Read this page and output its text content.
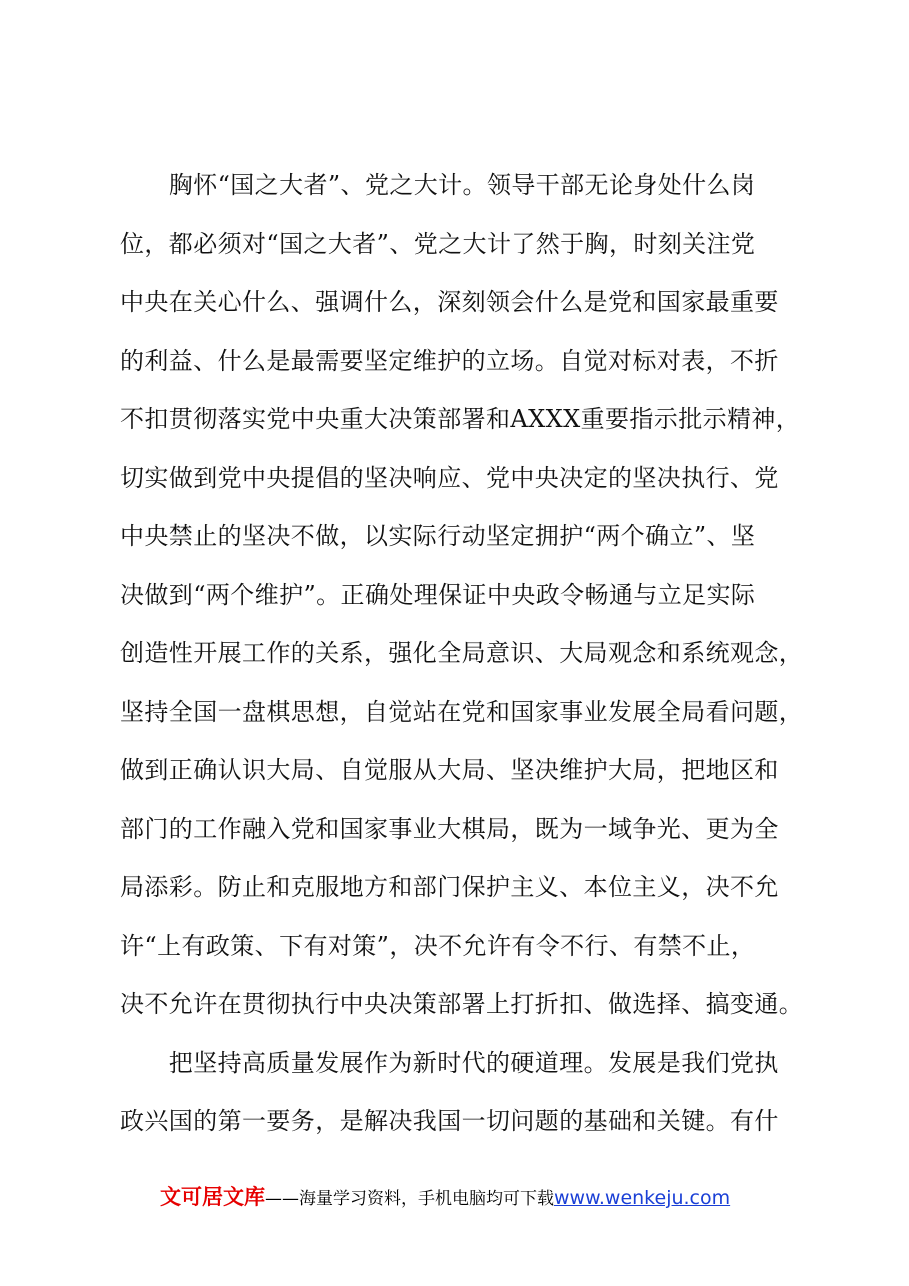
　　胸怀“国之大者”、党之大计。领导干部无论身处什么岗
位，都必须对“国之大者”、党之大计了然于胸，时刻关注党
中央在关心什么、强调什么，深刻领会什么是党和国家最重要
的利益、什么是最需要坚定维护的立场。自觉对标对表，不折
不扣贯彻落实党中央重大决策部署和AXXX重要指示批示精神，
切实做到党中央提倡的坚决响应、党中央决定的坚决执行、党
中央禁止的坚决不做，以实际行动坚定拥护“两个确立”、坚
决做到“两个维护”。正确处理保证中央政令畅通与立足实际
创造性开展工作的关系，强化全局意识、大局观念和系统观念，
坚持全国一盘棋思想，自觉站在党和国家事业发展全局看问题，
做到正确认识大局、自觉服从大局、坚决维护大局，把地区和
部门的工作融入党和国家事业大棋局，既为一域争光、更为全
局添彩。防止和克服地方和部门保护主义、本位主义，决不允
许“上有政策、下有对策”，决不允许有令不行、有禁不止，
决不允许在贯彻执行中央决策部署上打折扣、做选择、搞变通。
　　把坚持高质量发展作为新时代的硬道理。发展是我们党执
政兴国的第一要务，是解决我国一切问题的基础和关键。有什
文可居文库——海量学习资料，手机电脑均可下载www.wenkeju.com
